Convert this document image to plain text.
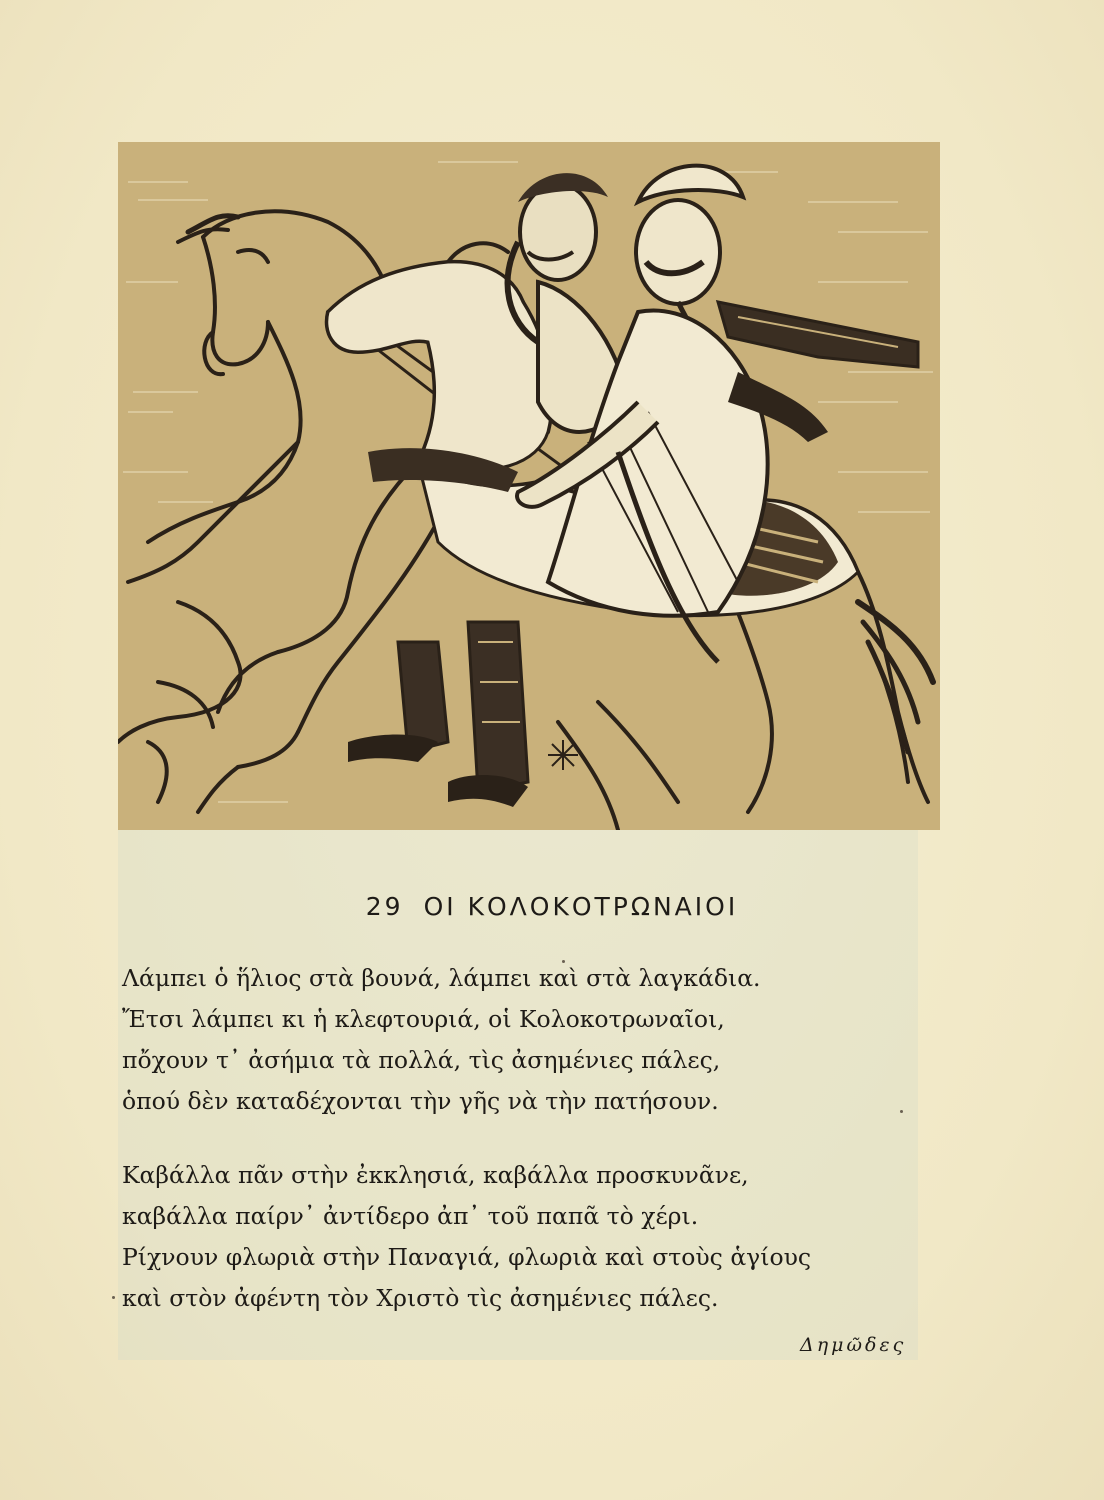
29 ΟΙ ΚΟΛΟΚΟΤΡΩΝΑΙΟΙ
Λάμπει ὁ ἥλιος στὰ βουνά, λάμπει καὶ στὰ λαγκάδια.
Ἔτσι λάμπει κι ἡ κλεφτουριά, οἱ Κολοκοτρωναῖοι,
πὄχουν τ᾽ ἀσήμια τὰ πολλά, τὶς ἀσημένιες πάλες,
ὁπού δὲν καταδέχονται τὴν γῆς νὰ τὴν πατήσουν.
Καβάλλα πᾶν στὴν ἐκκλησιά, καβάλλα προσκυνᾶνε,
καβάλλα παίρν᾽ ἀντίδερο ἀπ᾽ τοῦ παπᾶ τὸ χέρι.
Ρίχνουν φλωριὰ στὴν Παναγιά, φλωριὰ καὶ στοὺς ἁγίους
καὶ στὸν ἀφέντη τὸν Χριστὸ τὶς ἀσημένιες πάλες.
Δημῶδες
